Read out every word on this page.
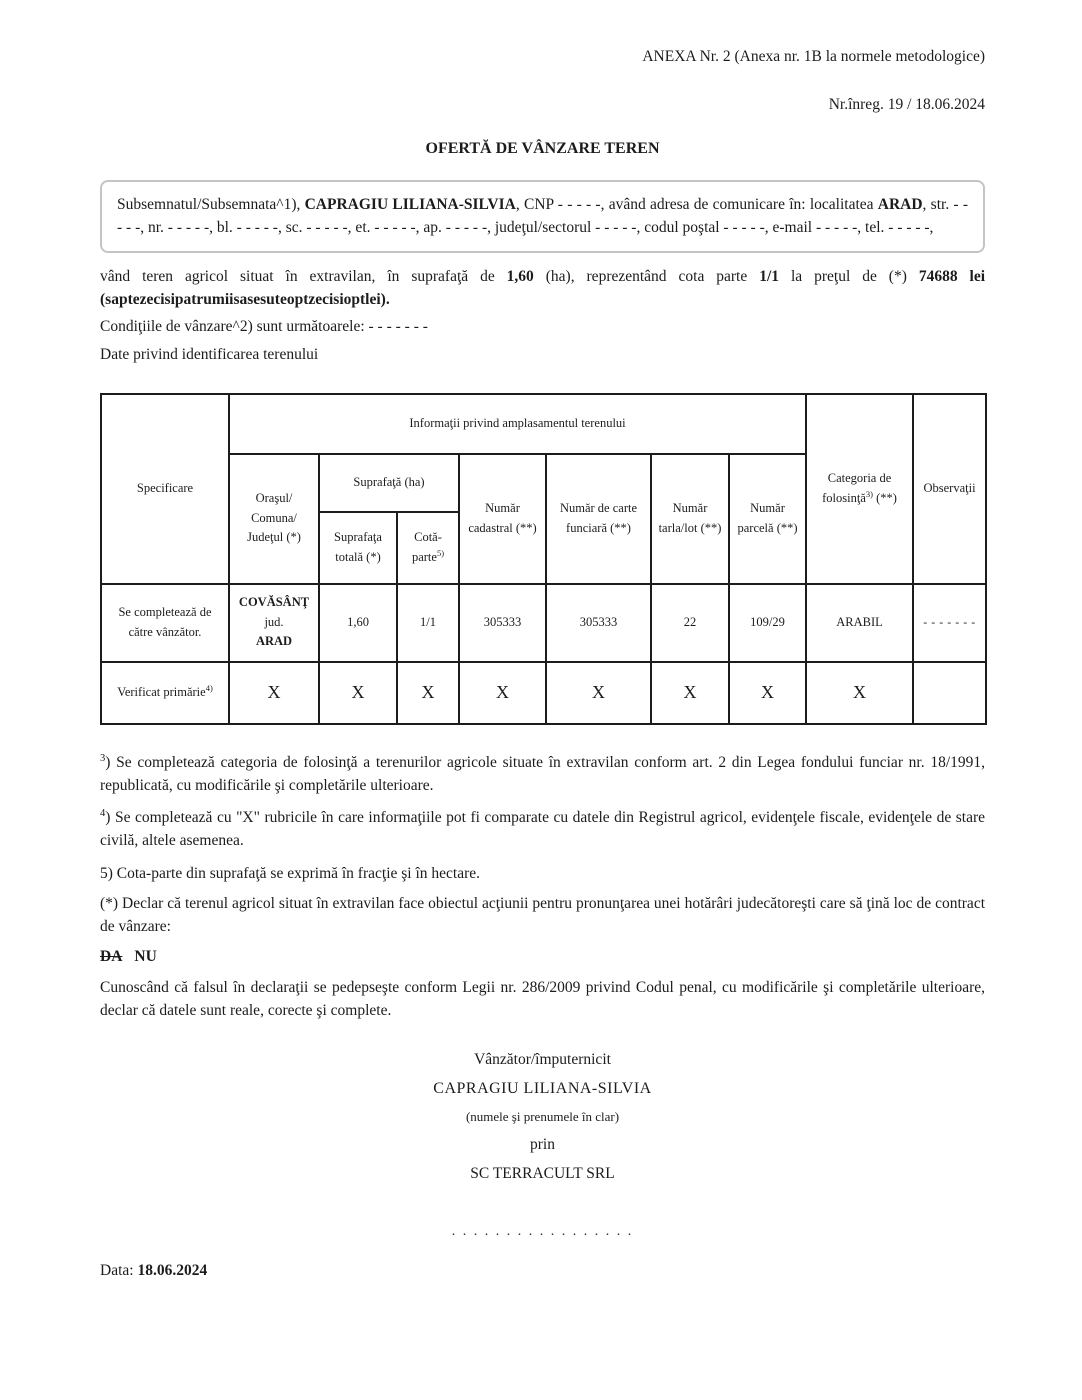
ANEXA Nr. 2 (Anexa nr. 1B la normele metodologice)
Nr.înreg. 19 / 18.06.2024
OFERTĂ DE VÂNZARE TEREN
Subsemnatul/Subsemnata^1), CAPRAGIU LILIANA-SILVIA, CNP - - - - -, având adresa de comunicare în: localitatea ARAD, str. - - - - -, nr. - - - - -, bl. - - - - -, sc. - - - - -, et. - - - - -, ap. - - - - -, judeţul/sectorul - - - - -, codul poştal - - - - -, e-mail - - - - -, tel. - - - - -,

vând teren agricol situat în extravilan, în suprafaţă de 1,60 (ha), reprezentând cota parte 1/1 la preţul de (*) 74688 lei (saptezecisipatrumiisasesuteoptzecisioptlei).

Condiţiile de vânzare^2) sunt următoarele: - - - - - - -

Date privind identificarea terenului

Specificare	Informaţii privind amplasamentul terenului							Categoria de folosinţă$^{3)}$ (**)	Observaţii
	Oraşul/ Comuna/ Judeţul (*)	Suprafaţă (ha)		Număr cadastral (**)	Număr de carte funciară (**)	Număr tarla/lot (**)	Număr parcelă (**)		
		Suprafaţa totală (*)	Cotă-parte$^{5)}$
Se completează de către vânzător.	COVĂSÂNŢ
jud.
ARAD	1,60	1/1	305333	305333	22	109/29	ARABIL	- - - - - - -
Verificat primărie$^{4)}$	X	X	X	X	X	X	X	X	

$^3$) Se completează categoria de folosinţă a terenurilor agricole situate în extravilan conform art. 2 din Legea fondului funciar nr. 18/1991, republicată, cu modificările şi completările ulterioare.

$^4$) Se completează cu "X" rubricile în care informaţiile pot fi comparate cu datele din Registrul agricol, evidenţele fiscale, evidenţele de stare civilă, altele asemenea.

5) Cota-parte din suprafaţă se exprimă în fracţie şi în hectare.

(*) Declar că terenul agricol situat în extravilan face obiectul acţiunii pentru pronunţarea unei hotărâri judecătoreşti care să ţină loc de contract de vânzare:

DA NU

Cunoscând că falsul în declaraţii se pedepseşte conform Legii nr. 286/2009 privind Codul penal, cu modificările şi completările ulterioare, declar că datele sunt reale, corecte şi complete.

Vânzător/împuternicit
CAPRAGIU LILIANA-SILVIA
(numele şi prenumele în clar)
prin
SC TERRACULT SRL
. . . . . . . . . . . . . . . . .
Data: 18.06.2024
